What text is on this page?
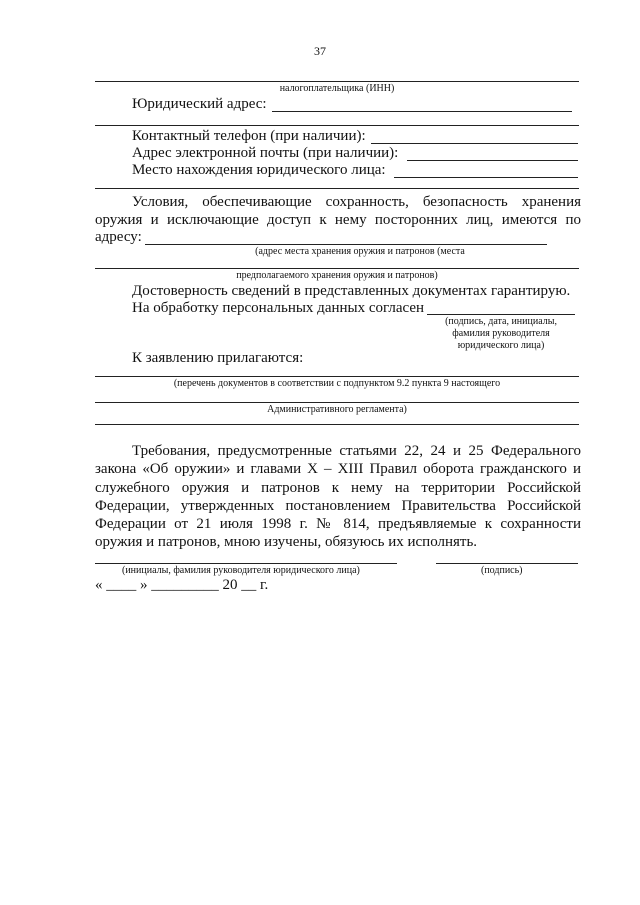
37
налогоплательщика (ИНН)
Юридический адрес:
Контактный телефон (при наличии):
Адрес электронной почты (при наличии):
Место нахождения юридического лица:
Условия, обеспечивающие сохранность, безопасность хранения
оружия и исключающие доступ к нему посторонних лиц, имеются по
адресу:
(адрес места хранения оружия и патронов (места
предполагаемого хранения оружия и патронов)
Достоверность сведений в представленных документах гарантирую.
На обработку персональных данных согласен
(подпись, дата, инициалы,
фамилия руководителя
юридического лица)
К заявлению прилагаются:
(перечень документов в соответствии с подпунктом 9.2 пункта 9 настоящего
Административного регламента)
Требования, предусмотренные статьями 22, 24 и 25 Федерального
закона «Об оружии» и главами X – XIII Правил оборота гражданского и
служебного оружия и патронов к нему на территории Российской
Федерации, утвержденных постановлением Правительства Российской
Федерации от 21 июля 1998 г. № 814, предъявляемые к сохранности
оружия и патронов, мною изучены, обязуюсь их исполнять.
(инициалы, фамилия руководителя юридического лица)	(подпись)
« ____ » _________ 20 __ г.
